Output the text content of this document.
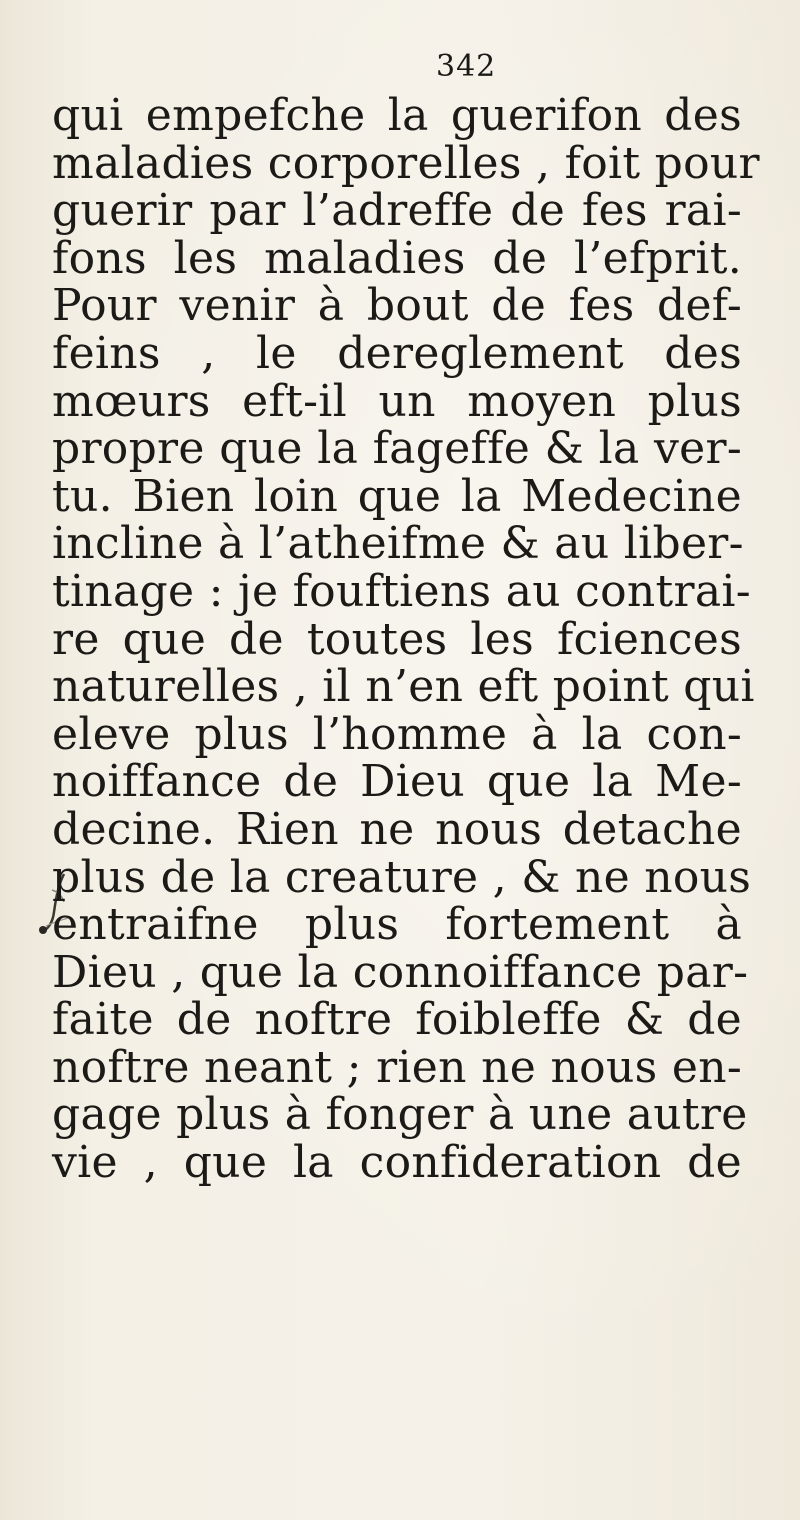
342
qui empefche la guerifon des
maladies corporelles , foit pour
guerir par l’adreffe de fes rai-
fons les maladies de l’efprit.
Pour venir à bout de fes def-
feins , le dereglement des
mœurs eft-il un moyen plus
propre que la fageffe & la ver-
tu. Bien loin que la Medecine
incline à l’atheifme & au liber-
tinage : je fouftiens au contrai-
re que de toutes les fciences
naturelles , il n’en eft point qui
eleve plus l’homme à la con-
noiffance de Dieu que la Me-
decine. Rien ne nous detache
plus de la creature , & ne nous
entraifne plus fortement à
Dieu , que la connoiffance par-
faite de noftre foibleffe & de
noftre neant ; rien ne nous en-
gage plus à fonger à une autre
vie , que la confideration de
